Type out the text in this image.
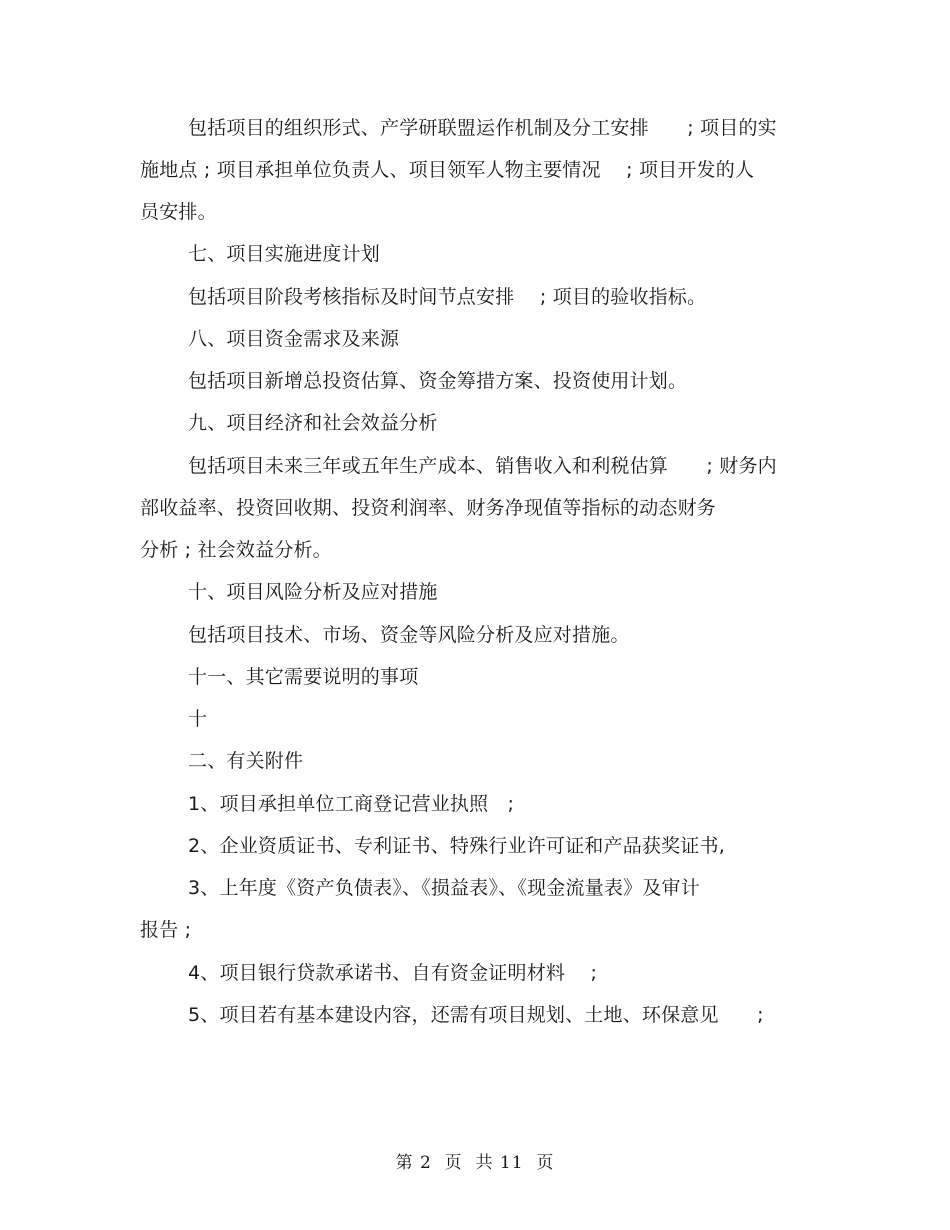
包括项目的组织形式、产学研联盟运作机制及分工安排　　; 项目的实
施地点 ; 项目承担单位负责人、项目领军人物主要情况　 ; 项目开发的人
员安排。
七、项目实施进度计划
包括项目阶段考核指标及时间节点安排　 ; 项目的验收指标。
八、项目资金需求及来源
包括项目新增总投资估算、资金筹措方案、投资使用计划。
九、项目经济和社会效益分析
包括项目未来三年或五年生产成本、销售收入和利税估算　　; 财务内
部收益率、投资回收期、投资利润率、财务净现值等指标的动态财务
分析 ; 社会效益分析。
十、项目风险分析及应对措施
包括项目技术、市场、资金等风险分析及应对措施。
十一、其它需要说明的事项
十
二、有关附件
1、项目承担单位工商登记营业执照　;
2、企业资质证书、专利证书、特殊行业许可证和产品获奖证书,
3、上年度《资产负债表》、《损益表》、《现金流量表》及审计
报告 ;
4、项目银行贷款承诺书、自有资金证明材料　 ;
5、项目若有基本建设内容，还需有项目规划、土地、环保意见　　;
第 2  页  共 11  页
